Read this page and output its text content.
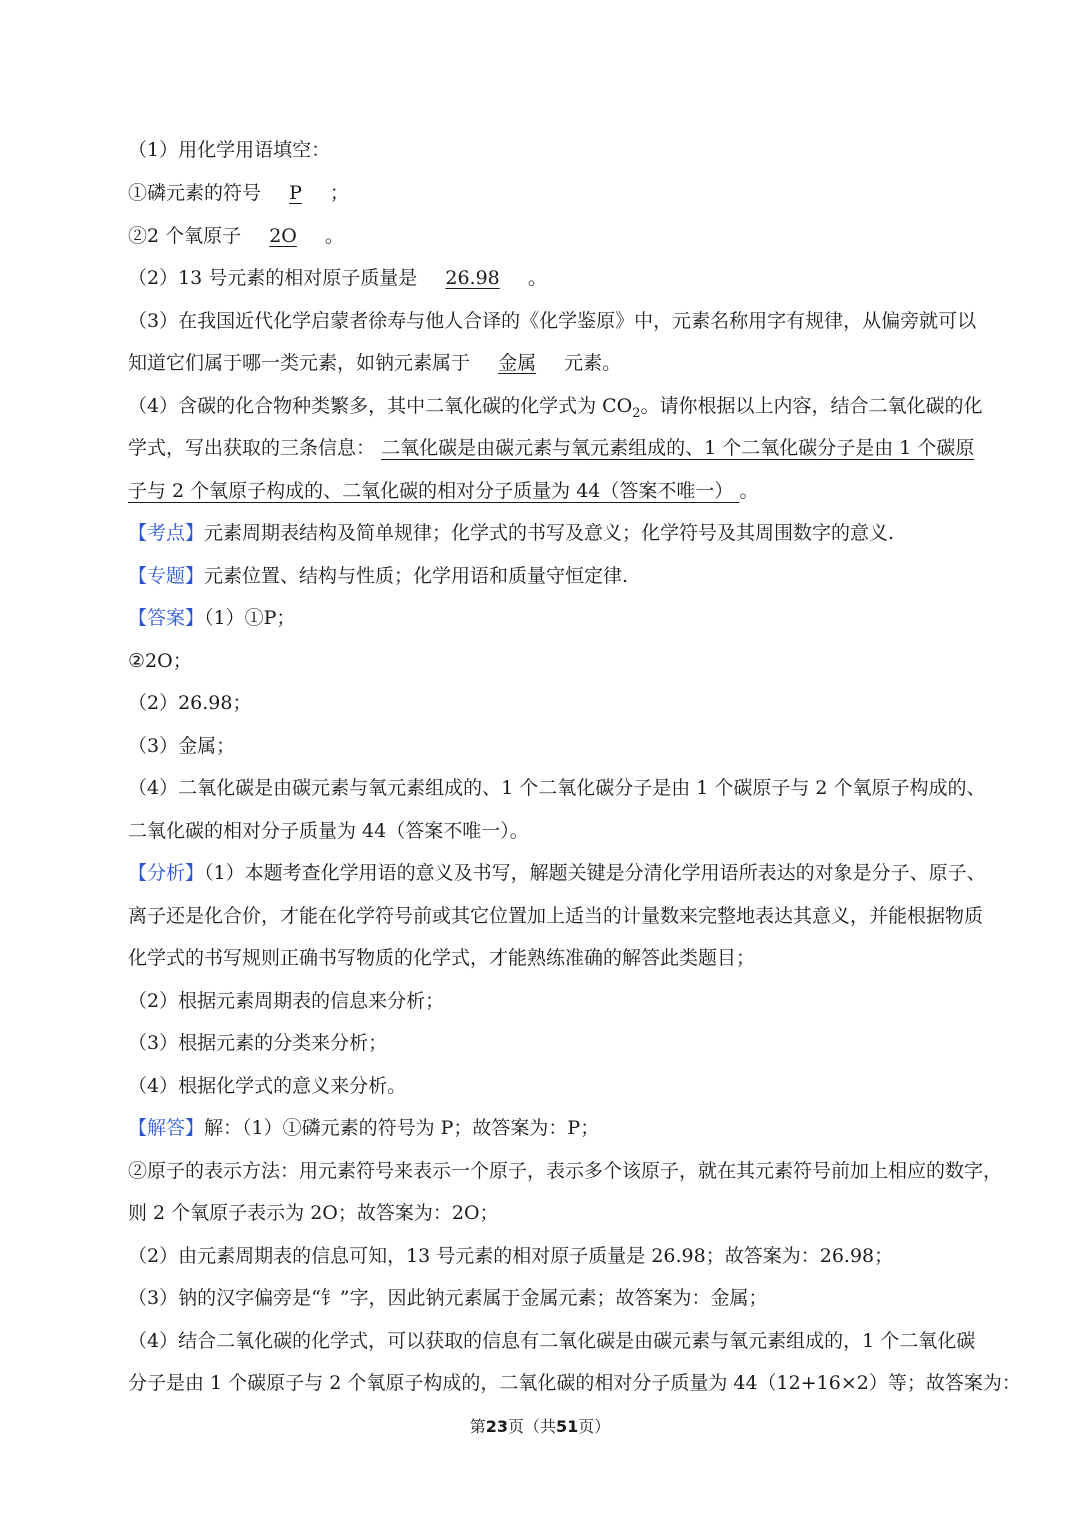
（1）用化学用语填空：
①磷元素的符号 P ；
②2 个氧原子 2O 。
（2）13 号元素的相对原子质量是 26.98 。
（3）在我国近代化学启蒙者徐寿与他人合译的《化学鉴原》中，元素名称用字有规律，从偏旁就可以
知道它们属于哪一类元素，如钠元素属于 金属 元素。
（4）含碳的化合物种类繁多，其中二氧化碳的化学式为 $CO_2$。请你根据以上内容，结合二氧化碳的化
学式，写出获取的三条信息： 二氧化碳是由碳元素与氧元素组成的、1 个二氧化碳分子是由 1 个碳原
子与 2 个氧原子构成的、二氧化碳的相对分子质量为 44（答案不唯一） 。
【考点】元素周期表结构及简单规律；化学式的书写及意义；化学符号及其周围数字的意义.
【专题】元素位置、结构与性质；化学用语和质量守恒定律.
【答案】（1）①P；
②2O；
（2）26.98；
（3）金属；
（4）二氧化碳是由碳元素与氧元素组成的、1 个二氧化碳分子是由 1 个碳原子与 2 个氧原子构成的、
二氧化碳的相对分子质量为 44（答案不唯一）。
【分析】（1）本题考查化学用语的意义及书写，解题关键是分清化学用语所表达的对象是分子、原子、
离子还是化合价，才能在化学符号前或其它位置加上适当的计量数来完整地表达其意义，并能根据物质
化学式的书写规则正确书写物质的化学式，才能熟练准确的解答此类题目；
（2）根据元素周期表的信息来分析；
（3）根据元素的分类来分析；
（4）根据化学式的意义来分析。
【解答】解：（1）①磷元素的符号为 P；故答案为：P；
②原子的表示方法：用元素符号来表示一个原子，表示多个该原子，就在其元素符号前加上相应的数字，
则 2 个氧原子表示为 2O；故答案为：2O；
（2）由元素周期表的信息可知，13 号元素的相对原子质量是 26.98；故答案为：26.98；
（3）钠的汉字偏旁是“钅”字，因此钠元素属于金属元素；故答案为：金属；
（4）结合二氧化碳的化学式，可以获取的信息有二氧化碳是由碳元素与氧元素组成的，1 个二氧化碳
分子是由 1 个碳原子与 2 个氧原子构成的，二氧化碳的相对分子质量为 44（12+16×2）等；故答案为：
第23页（共51页）
